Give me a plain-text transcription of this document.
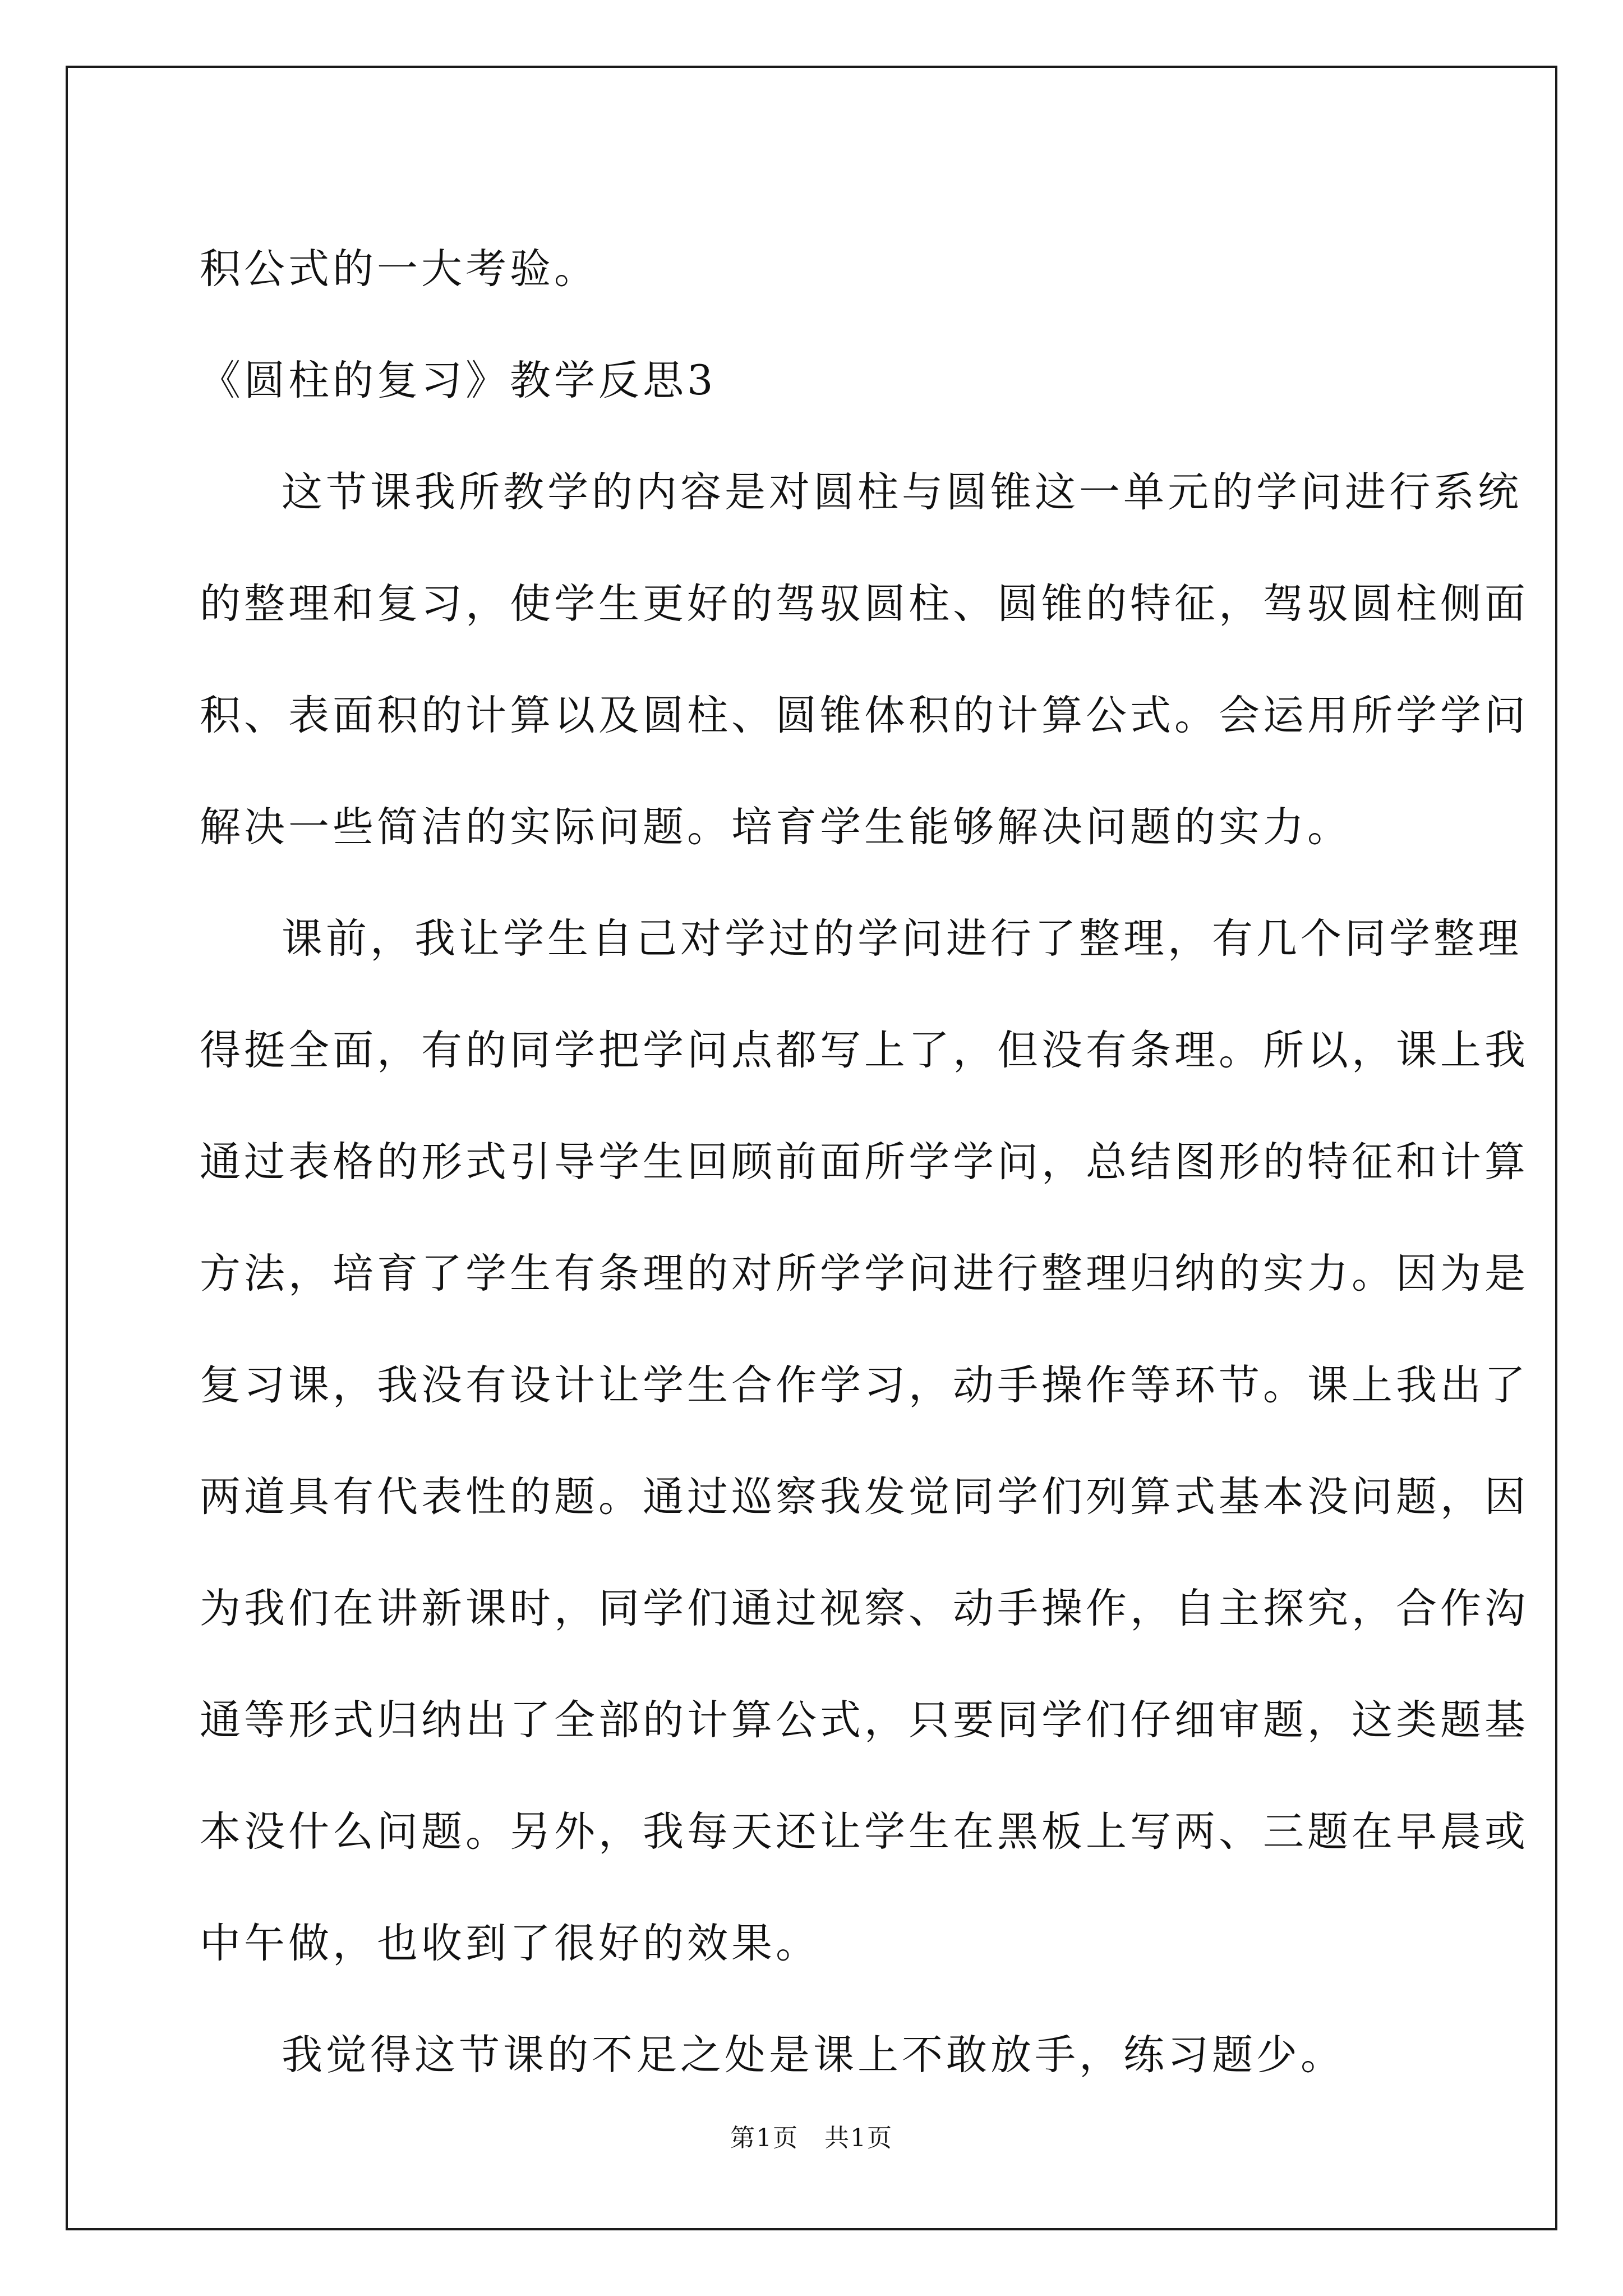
积公式的一大考验。
《圆柱的复习》教学反思3
这节课我所教学的内容是对圆柱与圆锥这一单元的学问进行系统
的整理和复习，使学生更好的驾驭圆柱、圆锥的特征，驾驭圆柱侧面
积、表面积的计算以及圆柱、圆锥体积的计算公式。会运用所学学问
解决一些简洁的实际问题。培育学生能够解决问题的实力。
课前，我让学生自己对学过的学问进行了整理，有几个同学整理
得挺全面，有的同学把学问点都写上了，但没有条理。所以，课上我
通过表格的形式引导学生回顾前面所学学问，总结图形的特征和计算
方法，培育了学生有条理的对所学学问进行整理归纳的实力。因为是
复习课，我没有设计让学生合作学习，动手操作等环节。课上我出了
两道具有代表性的题。通过巡察我发觉同学们列算式基本没问题，因
为我们在讲新课时，同学们通过视察、动手操作，自主探究，合作沟
通等形式归纳出了全部的计算公式，只要同学们仔细审题，这类题基
本没什么问题。另外，我每天还让学生在黑板上写两、三题在早晨或
中午做，也收到了很好的效果。
我觉得这节课的不足之处是课上不敢放手，练习题少。
第1页　共1页
